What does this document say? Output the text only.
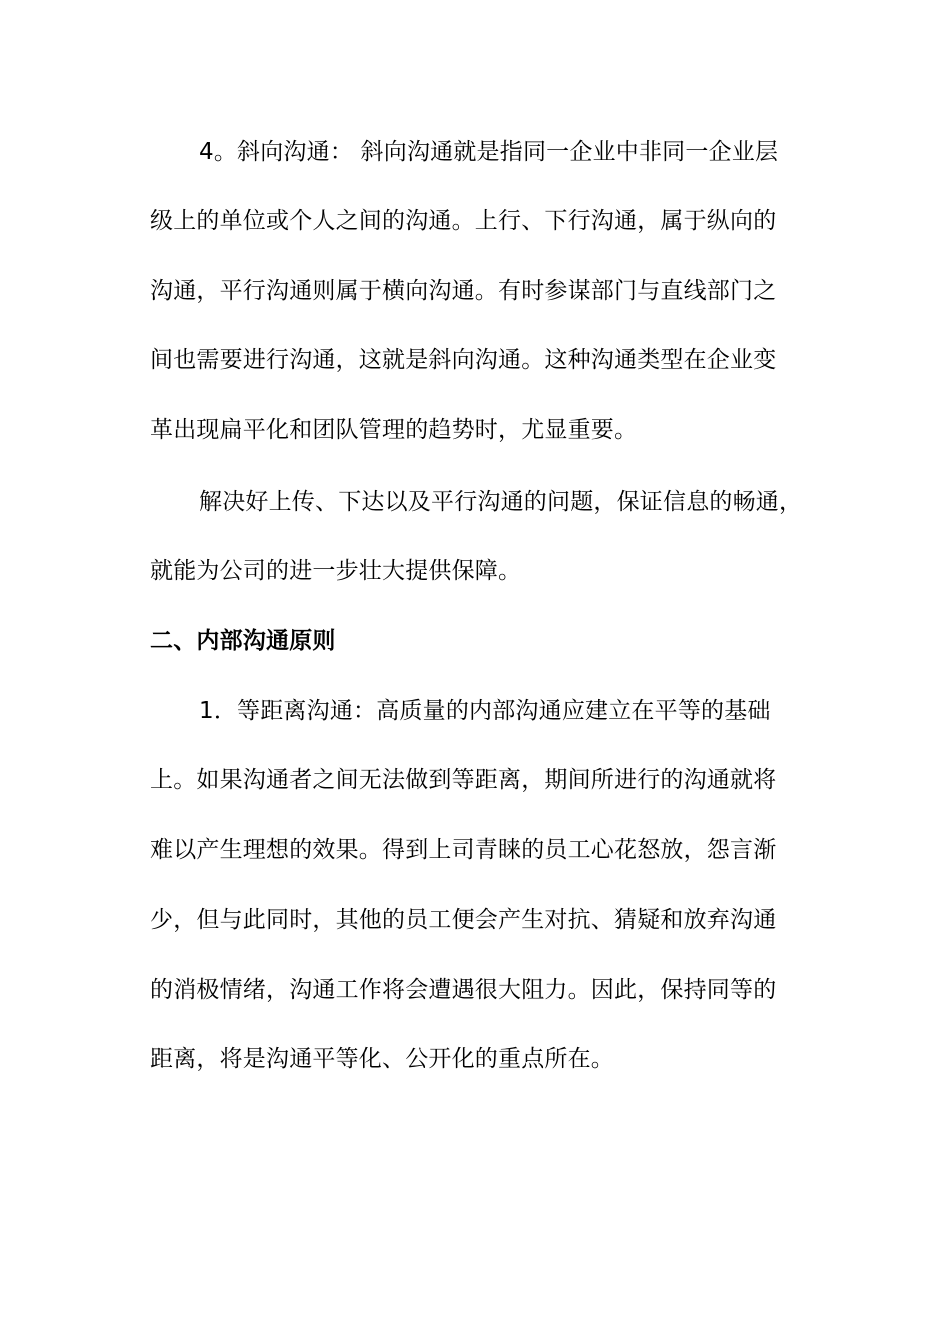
4。斜向沟通： 斜向沟通就是指同一企业中非同一企业层
级上的单位或个人之间的沟通。上行、下行沟通，属于纵向的
沟通，平行沟通则属于横向沟通。有时参谋部门与直线部门之
间也需要进行沟通，这就是斜向沟通。这种沟通类型在企业变
革出现扁平化和团队管理的趋势时，尤显重要。
解决好上传、下达以及平行沟通的问题，保证信息的畅通，
就能为公司的进一步壮大提供保障。
二、内部沟通原则
1．等距离沟通：高质量的内部沟通应建立在平等的基础
上。如果沟通者之间无法做到等距离，期间所进行的沟通就将
难以产生理想的效果。得到上司青睐的员工心花怒放，怨言渐
少，但与此同时，其他的员工便会产生对抗、猜疑和放弃沟通
的消极情绪，沟通工作将会遭遇很大阻力。因此，保持同等的
距离，将是沟通平等化、公开化的重点所在。
